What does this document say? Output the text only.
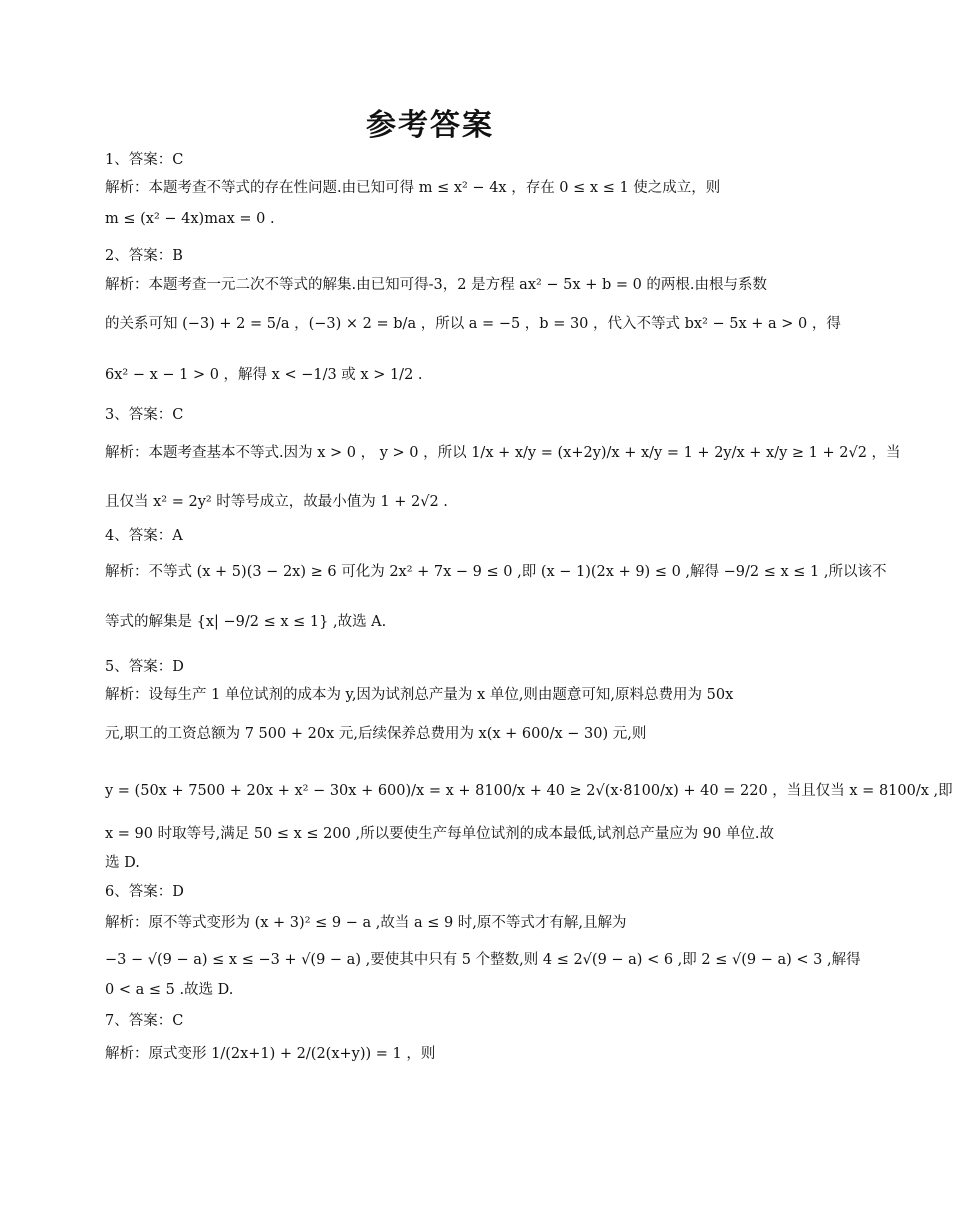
参考答案
1、答案：C
解析：本题考查不等式的存在性问题.由已知可得 m ≤ x² − 4x ，存在 0 ≤ x ≤ 1 使之成立，则
m ≤ (x² − 4x)max = 0 .
2、答案：B
解析：本题考查一元二次不等式的解集.由已知可得-3，2 是方程 ax² − 5x + b = 0 的两根.由根与系数
的关系可知 (−3) + 2 = 5/a ，(−3) × 2 = b/a ，所以 a = −5 ，b = 30 ，代入不等式 bx² − 5x + a > 0 ，得
6x² − x − 1 > 0 ，解得 x < −1/3 或 x > 1/2 .
3、答案：C
解析：本题考查基本不等式.因为 x > 0 ， y > 0 ，所以 1/x + x/y = (x+2y)/x + x/y = 1 + 2y/x + x/y ≥ 1 + 2√2 ，当
且仅当 x² = 2y² 时等号成立，故最小值为 1 + 2√2 .
4、答案：A
解析：不等式 (x + 5)(3 − 2x) ≥ 6 可化为 2x² + 7x − 9 ≤ 0 ,即 (x − 1)(2x + 9) ≤ 0 ,解得 −9/2 ≤ x ≤ 1 ,所以该不
等式的解集是 {x| −9/2 ≤ x ≤ 1} ,故选 A.
5、答案：D
解析：设每生产 1 单位试剂的成本为 y,因为试剂总产量为 x 单位,则由题意可知,原料总费用为 50x
元,职工的工资总额为 7 500 + 20x 元,后续保养总费用为 x(x + 600/x − 30) 元,则
y = (50x + 7500 + 20x + x² − 30x + 600)/x = x + 8100/x + 40 ≥ 2√(x·8100/x) + 40 = 220 ，当且仅当 x = 8100/x ,即
x = 90 时取等号,满足 50 ≤ x ≤ 200 ,所以要使生产每单位试剂的成本最低,试剂总产量应为 90 单位.故
选 D.
6、答案：D
解析：原不等式变形为 (x + 3)² ≤ 9 − a ,故当 a ≤ 9 时,原不等式才有解,且解为
−3 − √(9 − a) ≤ x ≤ −3 + √(9 − a) ,要使其中只有 5 个整数,则 4 ≤ 2√(9 − a) < 6 ,即 2 ≤ √(9 − a) < 3 ,解得
0 < a ≤ 5 .故选 D.
7、答案：C
解析：原式变形 1/(2x+1) + 2/(2(x+y)) = 1 ，则
